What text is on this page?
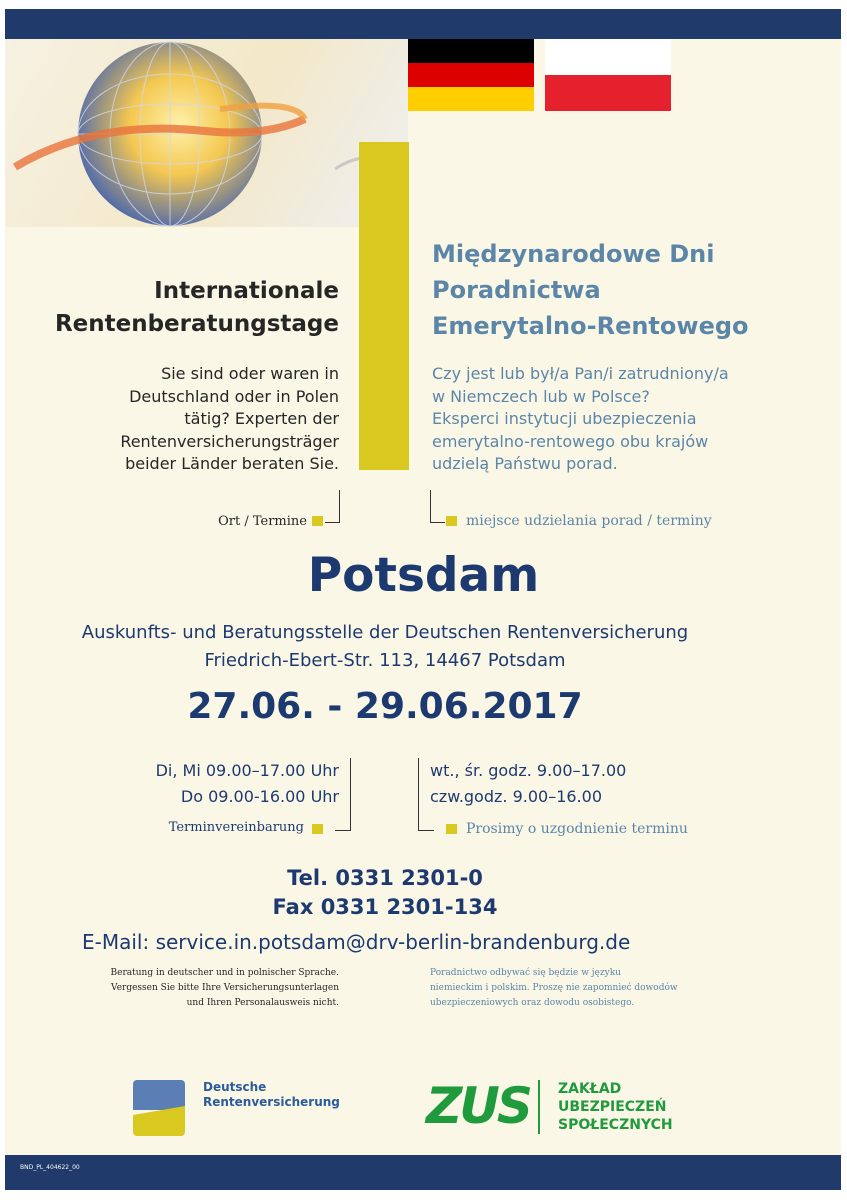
Internationale
Rentenberatungstage
Międzynarodowe Dni
Poradnictwa
Emerytalno-Rentowego
Sie sind oder waren in
Deutschland oder in Polen
tätig? Experten der
Rentenversicherungsträger
beider Länder beraten Sie.
Czy jest lub był/a Pan/i zatrudniony/a
w Niemczech lub w Polsce?
Eksperci instytucji ubezpieczenia
emerytalno-rentowego obu krajów
udzielą Państwu porad.
Ort / Termine	miejsce udzielania porad / terminy
Potsdam
Auskunfts- und Beratungsstelle der Deutschen Rentenversicherung
Friedrich-Ebert-Str. 113, 14467 Potsdam
27.06. - 29.06.2017
Di, Mi 09.00–17.00 Uhr
Do 09.00-16.00 Uhr
Terminvereinbarung
wt., śr. godz. 9.00–17.00
czw.godz. 9.00–16.00
Prosimy o uzgodnienie terminu
Tel. 0331 2301-0
Fax 0331 2301-134
E-Mail: service.in.potsdam@drv-berlin-brandenburg.de
Beratung in deutscher und in polnischer Sprache.
Vergessen Sie bitte Ihre Versicherungsunterlagen
und Ihren Personalausweis nicht.
Poradnictwo odbywać się będzie w języku
niemieckim i polskim. Proszę nie zapomnieć dowodów
ubezpieczeniowych oraz dowodu osobistego.
Deutsche
Rentenversicherung ZUS ZAKŁAD
UBEZPIECZEŃ
SPOŁECZNYCH
BND_PL_404622_00
